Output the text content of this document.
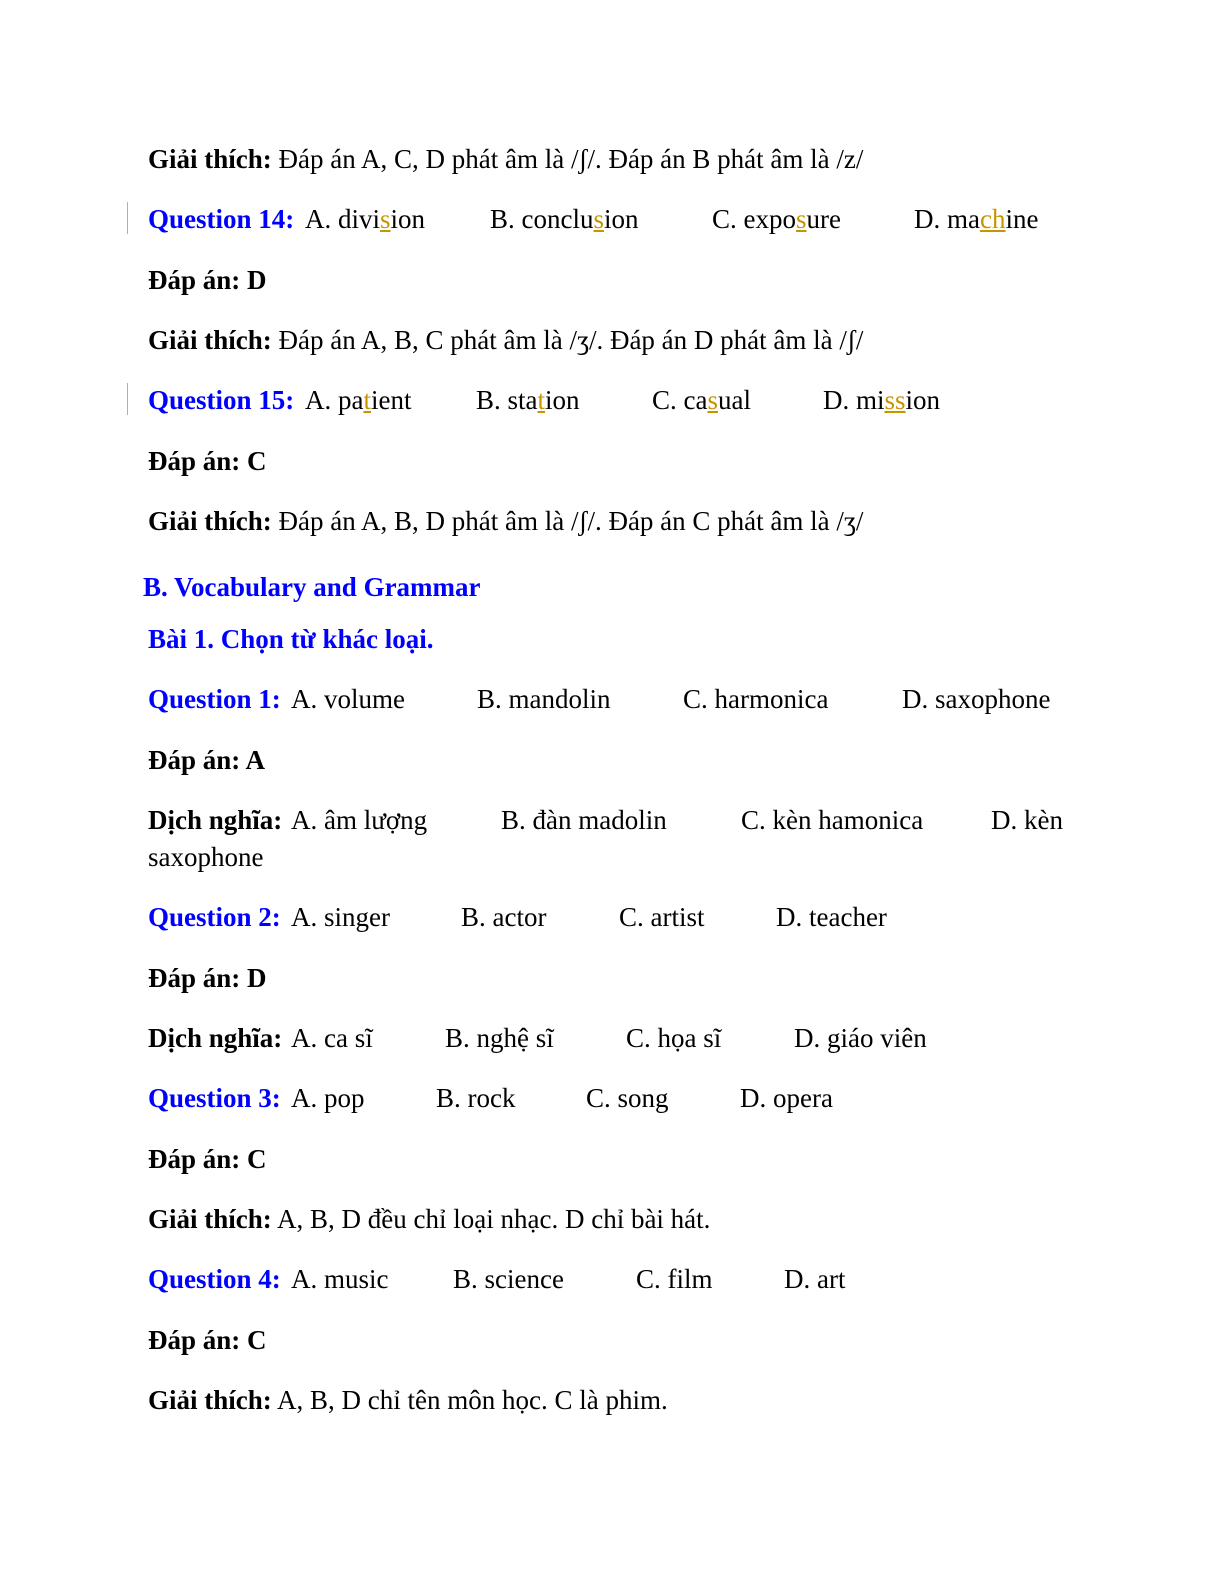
Giải thích: Đáp án A, C, D phát âm là /ʃ/. Đáp án B phát âm là /z/
Question 14: A. division B. conclusion	C. exposure	D. machine
Đáp án: D
Giải thích: Đáp án A, B, C phát âm là /ʒ/. Đáp án D phát âm là /ʃ/
Question 15: A. patient B. station	C. casual	D. mission
Đáp án: C
Giải thích: Đáp án A, B, D phát âm là /ʃ/. Đáp án C phát âm là /ʒ/
B. Vocabulary and Grammar
Bài 1. Chọn từ khác loại.
Question 1: A. volume	B. mandolin	C. harmonica	D. saxophone
Đáp án: A
Dịch nghĩa: A. âm lượng	B. đàn madolin	C. kèn hamonica	D. kèn
saxophone
Question 2: A. singer	B. actor	C. artist	D. teacher
Đáp án: D
Dịch nghĩa: A. ca sĩ	B. nghệ sĩ	C. họa sĩ	D. giáo viên
Question 3: A. pop	B. rock	C. song	D. opera
Đáp án: C
Giải thích: A, B, D đều chỉ loại nhạc. D chỉ bài hát.
Question 4: A. music B. science	C. film	D. art
Đáp án: C
Giải thích: A, B, D chỉ tên môn học. C là phim.
